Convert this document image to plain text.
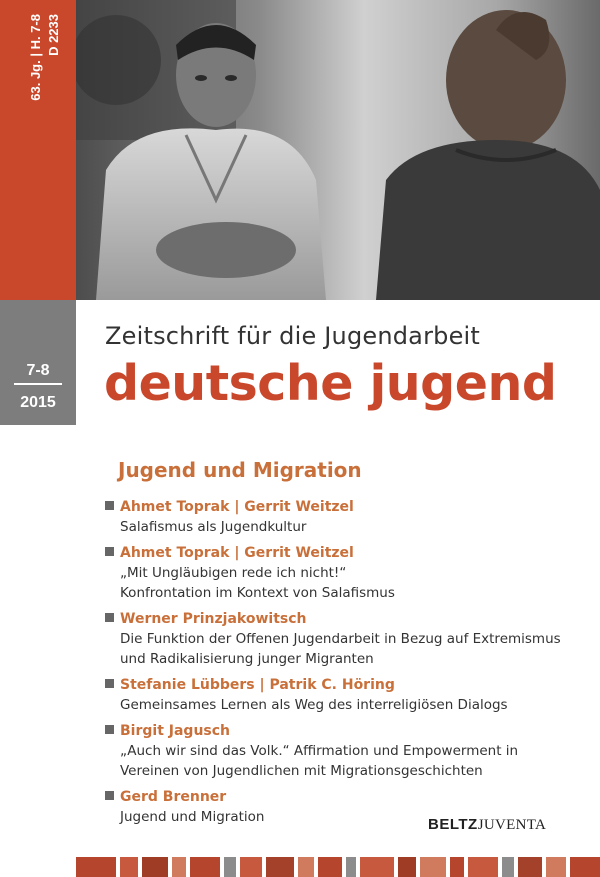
63. Jg. | H. 7-8 D 2233
7-8
2015
Zeitschrift für die Jugendarbeit
deutsche jugend
Jugend und Migration
Ahmet Toprak | Gerrit Weitzel
Salafismus als Jugendkultur
Ahmet Toprak | Gerrit Weitzel
„Mit Ungläubigen rede ich nicht!“
Konfrontation im Kontext von Salafismus
Werner Prinzjakowitsch
Die Funktion der Offenen Jugendarbeit in Bezug auf Extremismus
und Radikalisierung junger Migranten
Stefanie Lübbers | Patrik C. Höring
Gemeinsames Lernen als Weg des interreligiösen Dialogs
Birgit Jagusch
„Auch wir sind das Volk.“ Affirmation und Empowerment in
Vereinen von Jugendlichen mit Migrationsgeschichten
Gerd Brenner
Jugend und Migration	BELTZJUVENTA
